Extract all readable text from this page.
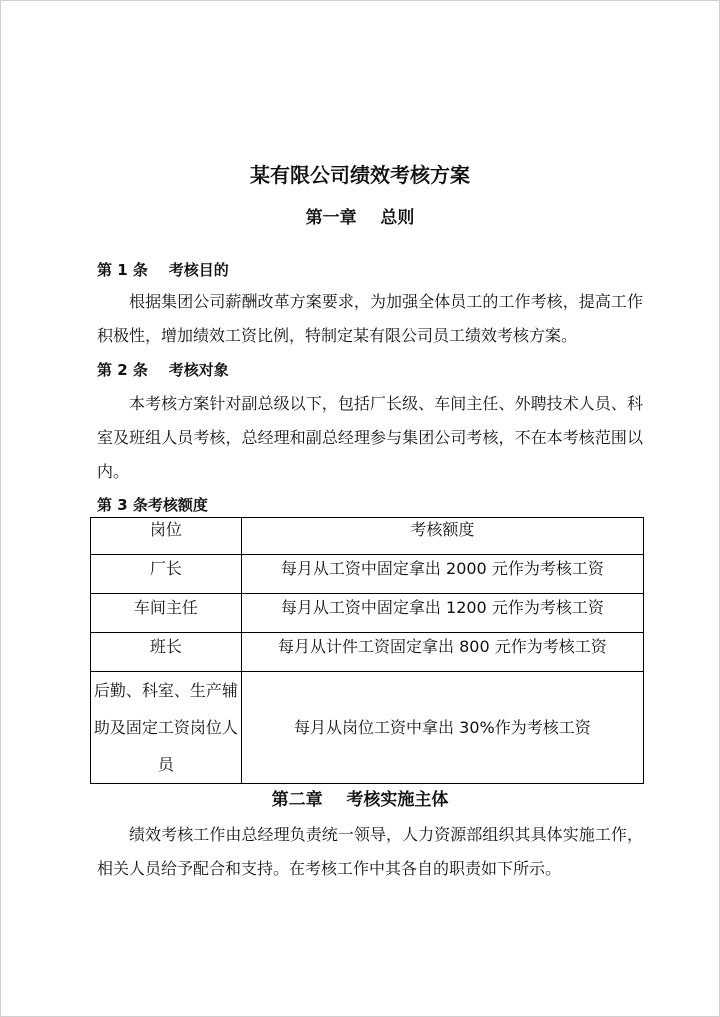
某有限公司绩效考核方案
第一章    总则
第 1 条    考核目的
根据集团公司薪酬改革方案要求，为加强全体员工的工作考核，提高工作积极性，增加绩效工资比例，特制定某有限公司员工绩效考核方案。
第 2 条    考核对象
本考核方案针对副总级以下，包括厂长级、车间主任、外聘技术人员、科室及班组人员考核，总经理和副总经理参与集团公司考核，不在本考核范围以内。
第 3 条考核额度
岗位	考核额度
厂长	每月从工资中固定拿出 2000 元作为考核工资
车间主任	每月从工资中固定拿出 1200 元作为考核工资
班长	每月从计件工资固定拿出 800 元作为考核工资
后勤、科室、生产辅助及固定工资岗位人员	每月从岗位工资中拿出 30%作为考核工资
第二章    考核实施主体
绩效考核工作由总经理负责统一领导，人力资源部组织其具体实施工作，相关人员给予配合和支持。在考核工作中其各自的职责如下所示。
